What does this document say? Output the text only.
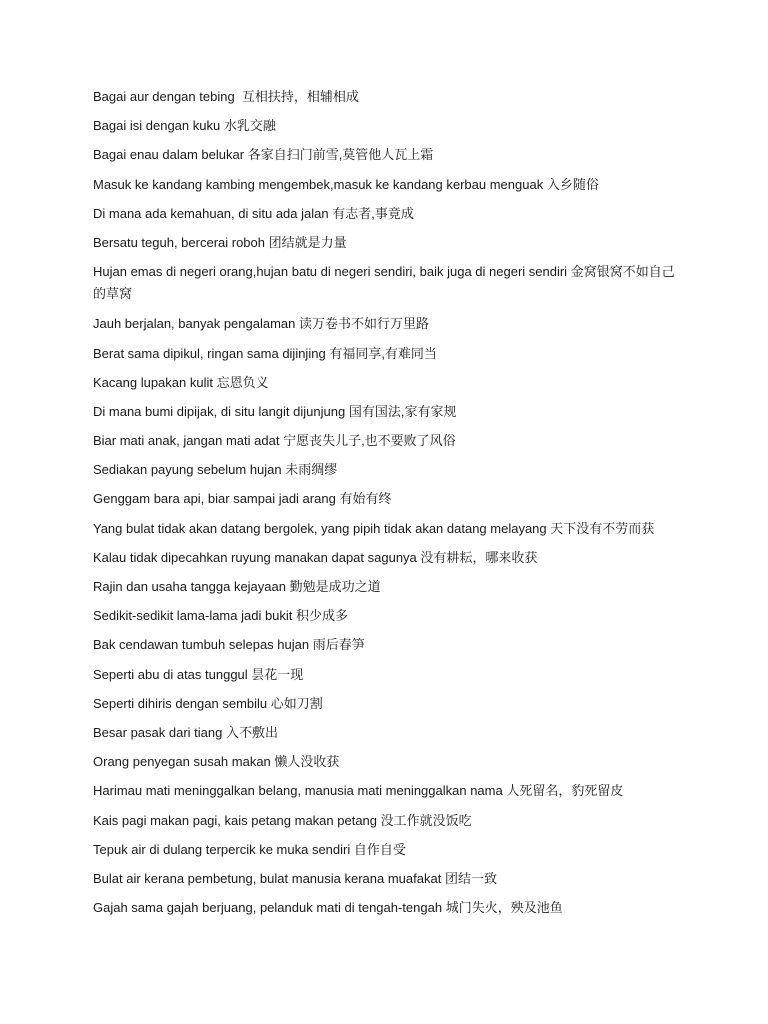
Bagai aur dengan tebing 互相扶持，相辅相成

Bagai isi dengan kuku 水乳交融

Bagai enau dalam belukar 各家自扫门前雪,莫管他人瓦上霜

Masuk ke kandang kambing mengembek,masuk ke kandang kerbau menguak 入乡随俗

Di mana ada kemahuan, di situ ada jalan 有志者,事竟成

Bersatu teguh, bercerai roboh 团结就是力量

Hujan emas di negeri orang,hujan batu di negeri sendiri, baik juga di negeri sendiri 金窝银窝不如自己的草窝

Jauh berjalan, banyak pengalaman 读万卷书不如行万里路

Berat sama dipikul, ringan sama dijinjing 有福同享,有难同当

Kacang lupakan kulit 忘恩负义

Di mana bumi dipijak, di situ langit dijunjung 国有国法,家有家规

Biar mati anak, jangan mati adat 宁愿丧失儿子,也不要败了风俗

Sediakan payung sebelum hujan 未雨绸缪

Genggam bara api, biar sampai jadi arang 有始有终

Yang bulat tidak akan datang bergolek, yang pipih tidak akan datang melayang 天下没有不劳而获

Kalau tidak dipecahkan ruyung manakan dapat sagunya 没有耕耘，哪来收获

Rajin dan usaha tangga kejayaan 勤勉是成功之道

Sedikit-sedikit lama-lama jadi bukit 积少成多

Bak cendawan tumbuh selepas hujan 雨后春笋

Seperti abu di atas tunggul 昙花一现

Seperti dihiris dengan sembilu 心如刀割

Besar pasak dari tiang 入不敷出

Orang penyegan susah makan 懒人没收获

Harimau mati meninggalkan belang, manusia mati meninggalkan nama 人死留名，豹死留皮

Kais pagi makan pagi, kais petang makan petang 没工作就没饭吃

Tepuk air di dulang terpercik ke muka sendiri 自作自受

Bulat air kerana pembetung, bulat manusia kerana muafakat 团结一致

Gajah sama gajah berjuang, pelanduk mati di tengah-tengah 城门失火，殃及池鱼
